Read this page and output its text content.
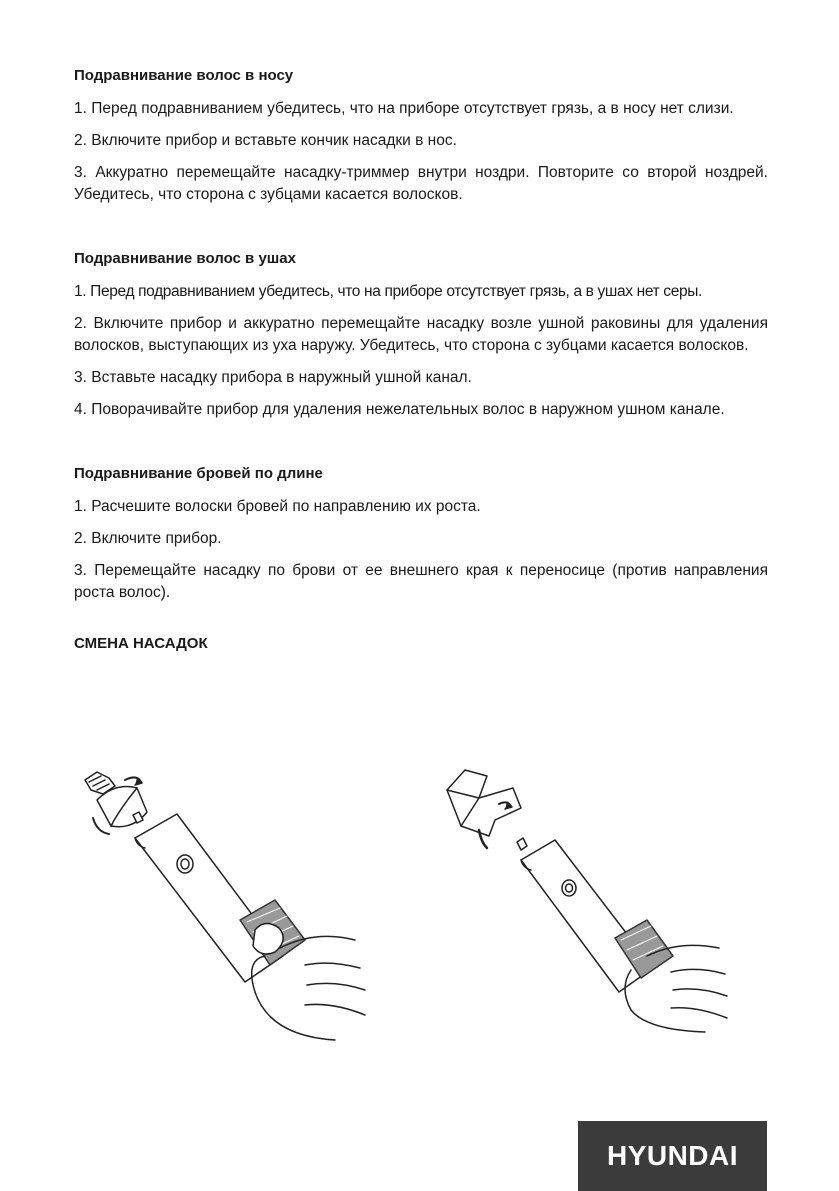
Подравнивание волос в носу

1. Перед подравниванием убедитесь, что на приборе отсутствует грязь, а в носу нет слизи.

2. Включите прибор и вставьте кончик насадки в нос.

3. Аккуратно перемещайте насадку-триммер внутри ноздри. Повторите со второй ноздрей. Убедитесь, что сторона с зубцами касается волосков.

Подравнивание волос в ушах

1. Перед подравниванием убедитесь, что на приборе отсутствует грязь, а в ушах нет серы.

2. Включите прибор и аккуратно перемещайте насадку возле ушной раковины для удаления волосков, выступающих из уха наружу. Убедитесь, что сторона с зубцами касается волосков.

3. Вставьте насадку прибора в наружный ушной канал.

4. Поворачивайте прибор для удаления нежелательных волос в наружном ушном канале.

Подравнивание бровей по длине

1. Расчешите волоски бровей по направлению их роста.

2. Включите прибор.

3. Перемещайте насадку по брови от ее внешнего края к переносице (против направления роста волос).

СМЕНА НАСАДОК
HYUNDAI
